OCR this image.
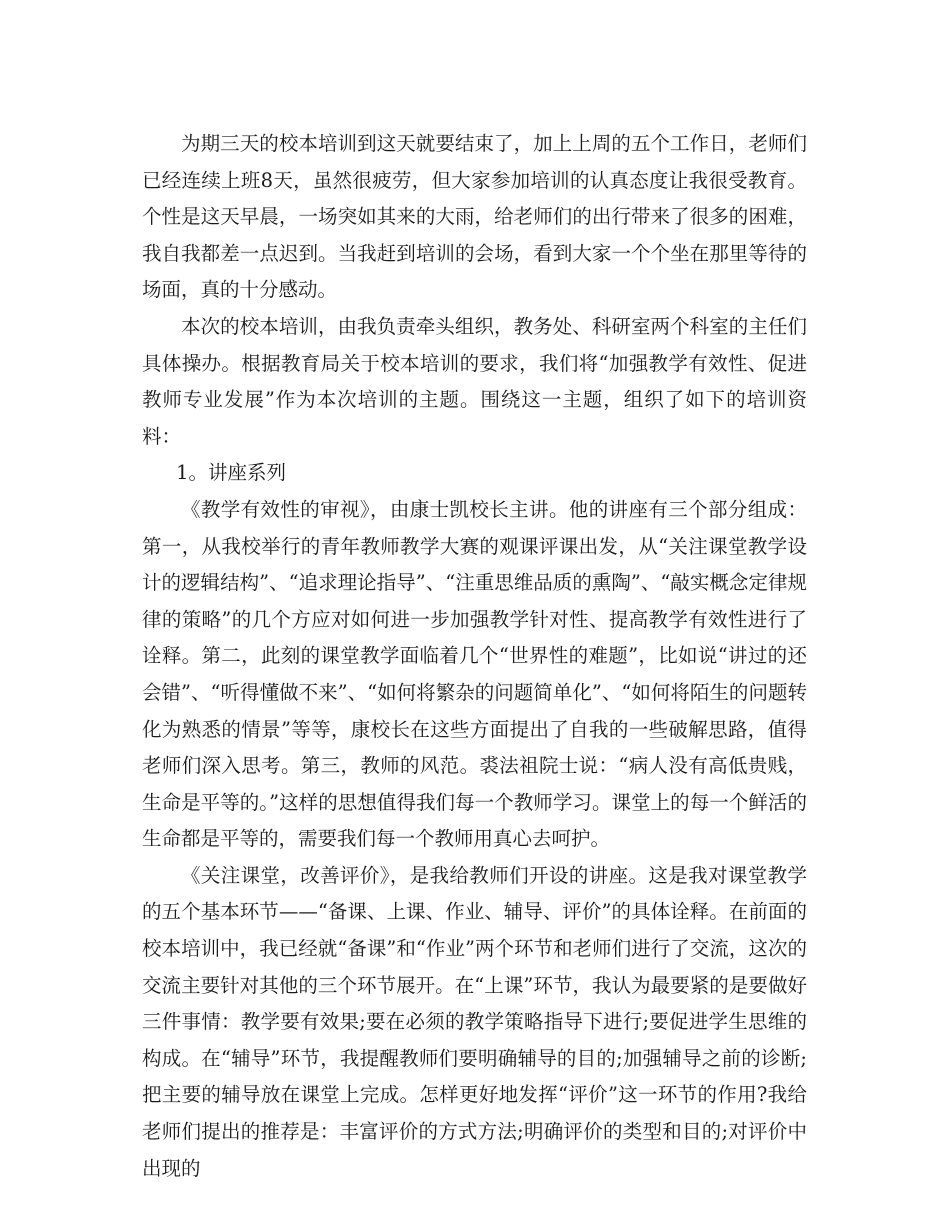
为期三天的校本培训到这天就要结束了，加上上周的五个工作日，老师们已经连续上班8天，虽然很疲劳，但大家参加培训的认真态度让我很受教育。个性是这天早晨，一场突如其来的大雨，给老师们的出行带来了很多的困难，我自我都差一点迟到。当我赶到培训的会场，看到大家一个个坐在那里等待的场面，真的十分感动。

本次的校本培训，由我负责牵头组织，教务处、科研室两个科室的主任们具体操办。根据教育局关于校本培训的要求，我们将“加强教学有效性、促进教师专业发展”作为本次培训的主题。围绕这一主题，组织了如下的培训资料：

1。讲座系列

《教学有效性的审视》，由康士凯校长主讲。他的讲座有三个部分组成：第一，从我校举行的青年教师教学大赛的观课评课出发，从“关注课堂教学设计的逻辑结构”、“追求理论指导”、“注重思维品质的熏陶”、“敲实概念定律规律的策略”的几个方应对如何进一步加强教学针对性、提高教学有效性进行了诠释。第二，此刻的课堂教学面临着几个“世界性的难题”，比如说“讲过的还会错”、“听得懂做不来”、“如何将繁杂的问题简单化”、“如何将陌生的问题转化为熟悉的情景”等等，康校长在这些方面提出了自我的一些破解思路，值得老师们深入思考。第三，教师的风范。裘法祖院士说：“病人没有高低贵贱，生命是平等的。”这样的思想值得我们每一个教师学习。课堂上的每一个鲜活的生命都是平等的，需要我们每一个教师用真心去呵护。

《关注课堂，改善评价》，是我给教师们开设的讲座。这是我对课堂教学的五个基本环节——“备课、上课、作业、辅导、评价”的具体诠释。在前面的校本培训中，我已经就“备课”和“作业”两个环节和老师们进行了交流，这次的交流主要针对其他的三个环节展开。在“上课”环节，我认为最要紧的是要做好三件事情：教学要有效果;要在必须的教学策略指导下进行;要促进学生思维的构成。在“辅导”环节，我提醒教师们要明确辅导的目的;加强辅导之前的诊断;把主要的辅导放在课堂上完成。怎样更好地发挥“评价”这一环节的作用?我给老师们提出的推荐是：丰富评价的方式方法;明确评价的类型和目的;对评价中出现的
